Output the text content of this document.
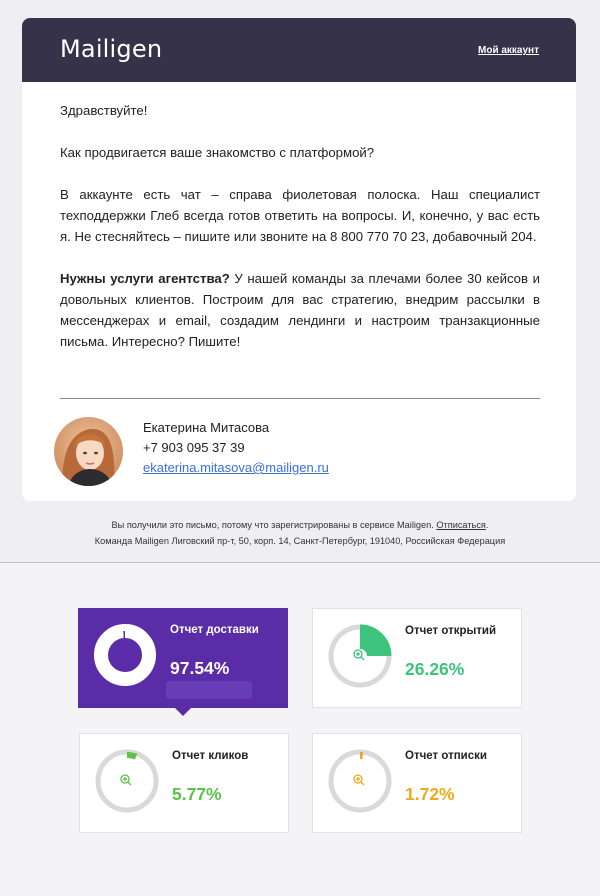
Mailigen	Мой аккаунт

Здравствуйте!

Как продвигается ваше знакомство с платформой?

В аккаунте есть чат – справа фиолетовая полоска. Наш специалист техподдержки Глеб всегда готов ответить на вопросы. И, конечно, у вас есть я. Не стесняйтесь – пишите или звоните на 8 800 770 70 23, добавочный 204.

Нужны услуги агентства? У нашей команды за плечами более 30 кейсов и довольных клиентов. Построим для вас стратегию, внедрим рассылки в мессенджерах и email, создадим лендинги и настроим транзакционные письма. Интересно? Пишите!

Екатерина Митасова
+7 903 095 37 39
ekaterina.mitasova@mailigen.ru
Вы получили это письмо, потому что зарегистрированы в сервисе Mailigen. Отписаться.
Команда Mailigen Лиговский пр-т, 50, корп. 14, Санкт-Петербург, 191040, Российская Федерация
Отчет доставки
97.54%
Отчет открытий
26.26%
Отчет кликов
5.77%
Отчет отписки
1.72%
